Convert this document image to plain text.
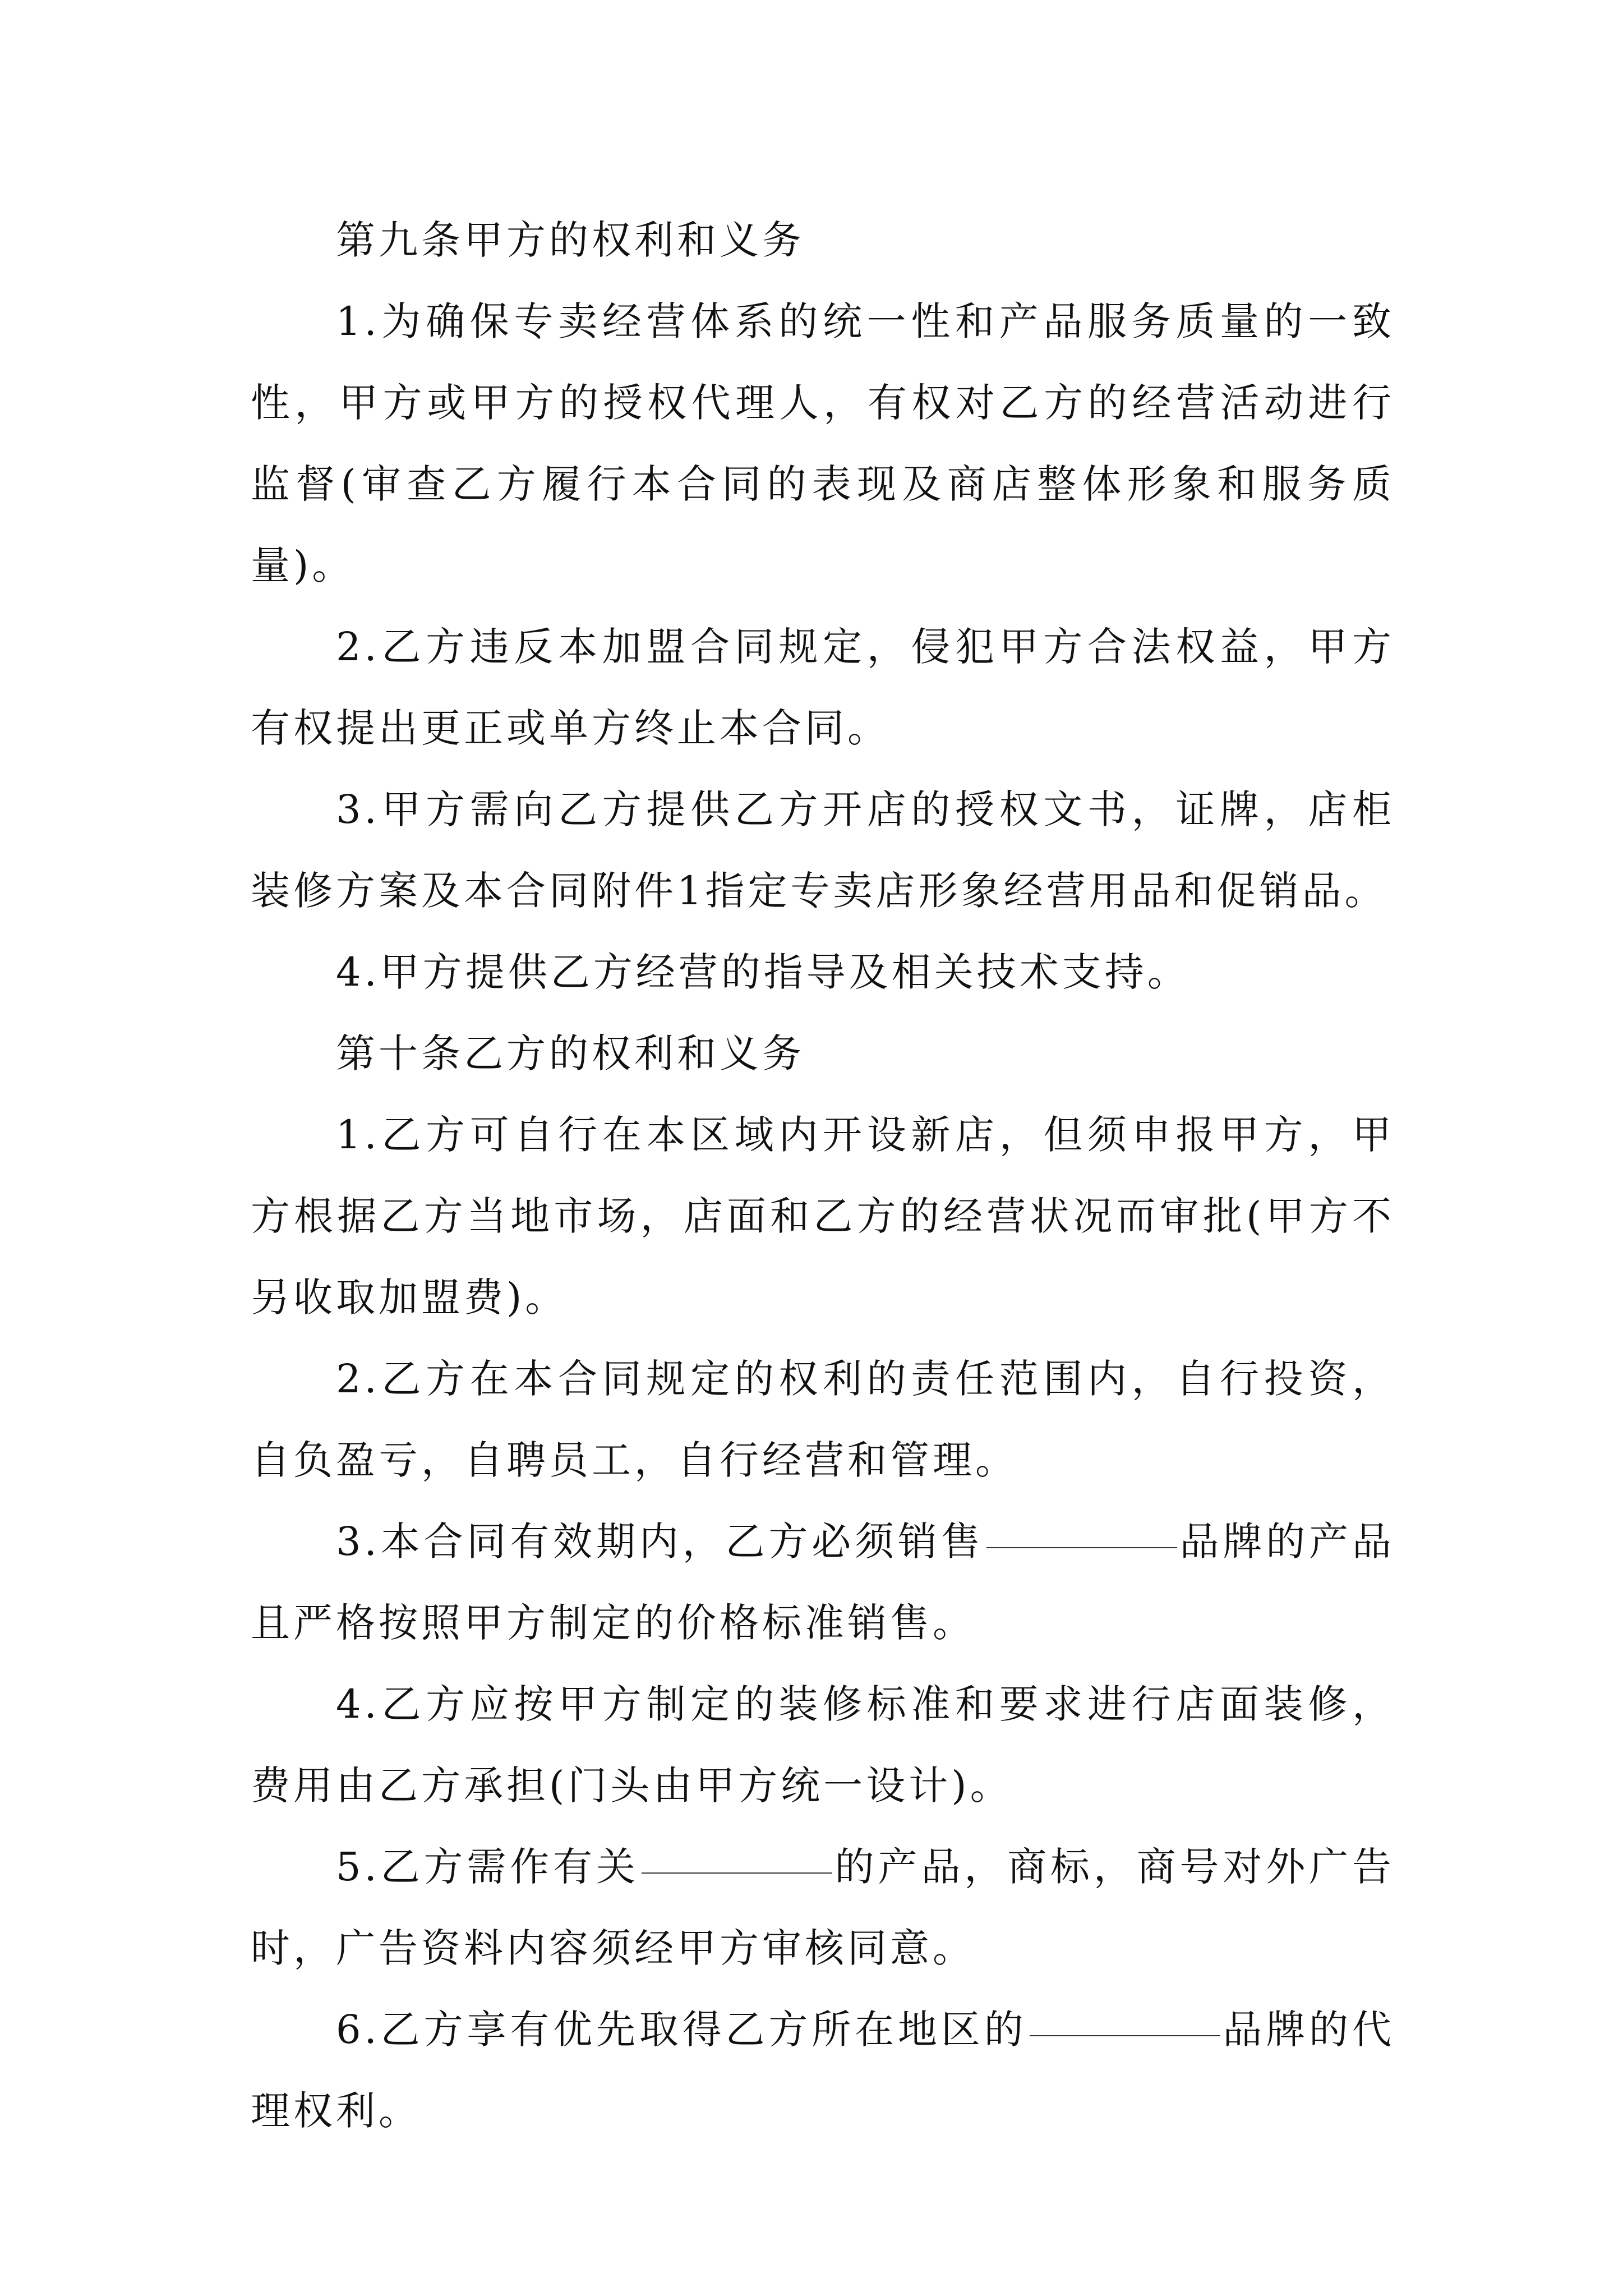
第九条甲方的权利和义务

1.为确保专卖经营体系的统一性和产品服务质量的一致性，甲方或甲方的授权代理人，有权对乙方的经营活动进行监督(审查乙方履行本合同的表现及商店整体形象和服务质量)。

2.乙方违反本加盟合同规定，侵犯甲方合法权益，甲方有权提出更正或单方终止本合同。

3.甲方需向乙方提供乙方开店的授权文书，证牌，店柜装修方案及本合同附件1指定专卖店形象经营用品和促销品。

4.甲方提供乙方经营的指导及相关技术支持。

第十条乙方的权利和义务

1.乙方可自行在本区域内开设新店，但须申报甲方，甲方根据乙方当地市场，店面和乙方的经营状况而审批(甲方不另收取加盟费)。

2.乙方在本合同规定的权利的责任范围内，自行投资，自负盈亏，自聘员工，自行经营和管理。

3.本合同有效期内，乙方必须销售	品牌的产品且严格按照甲方制定的价格标准销售。

4.乙方应按甲方制定的装修标准和要求进行店面装修，费用由乙方承担(门头由甲方统一设计)。

5.乙方需作有关	的产品，商标，商号对外广告时，广告资料内容须经甲方审核同意。

6.乙方享有优先取得乙方所在地区的	品牌的代理权利。
